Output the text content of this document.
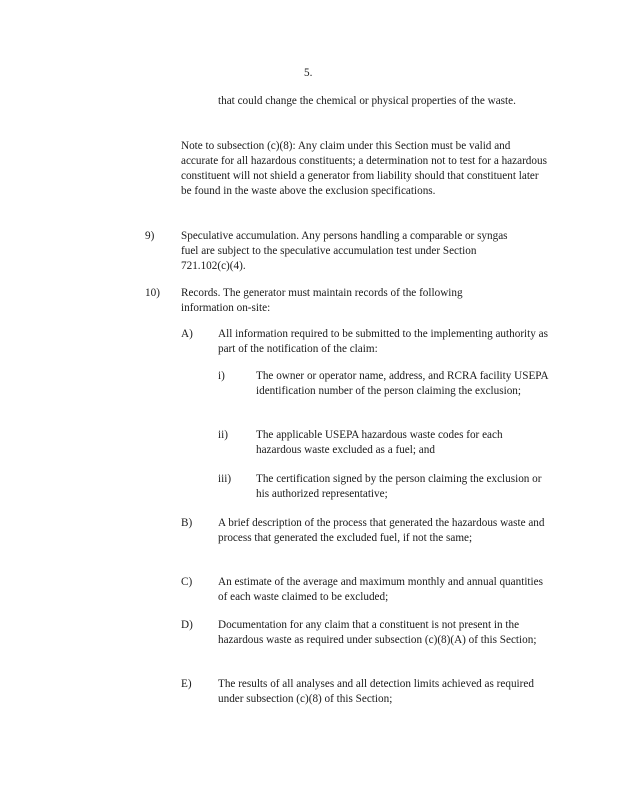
5.

that could change the chemical or physical properties of the waste.

Note to subsection (c)(8): Any claim under this Section must be valid and accurate for all hazardous constituents; a determination not to test for a hazardous constituent will not shield a generator from liability should that constituent later be found in the waste above the exclusion specifications.

9) Speculative accumulation. Any persons handling a comparable or syngas fuel are subject to the speculative accumulation test under Section 721.102(c)(4).

10) Records. The generator must maintain records of the following information on-site:

A) All information required to be submitted to the implementing authority as part of the notification of the claim:

i)	The owner or operator name, address, and RCRA facility USEPA identification number of the person claiming the exclusion;

ii)	The applicable USEPA hazardous waste codes for each hazardous waste excluded as a fuel; and

iii) The certification signed by the person claiming the exclusion or his authorized representative;

B) A brief description of the process that generated the hazardous waste and process that generated the excluded fuel, if not the same;

C) An estimate of the average and maximum monthly and annual quantities of each waste claimed to be excluded;

D) Documentation for any claim that a constituent is not present in the hazardous waste as required under subsection (c)(8)(A) of this Section;

E) The results of all analyses and all detection limits achieved as required under subsection (c)(8) of this Section;
